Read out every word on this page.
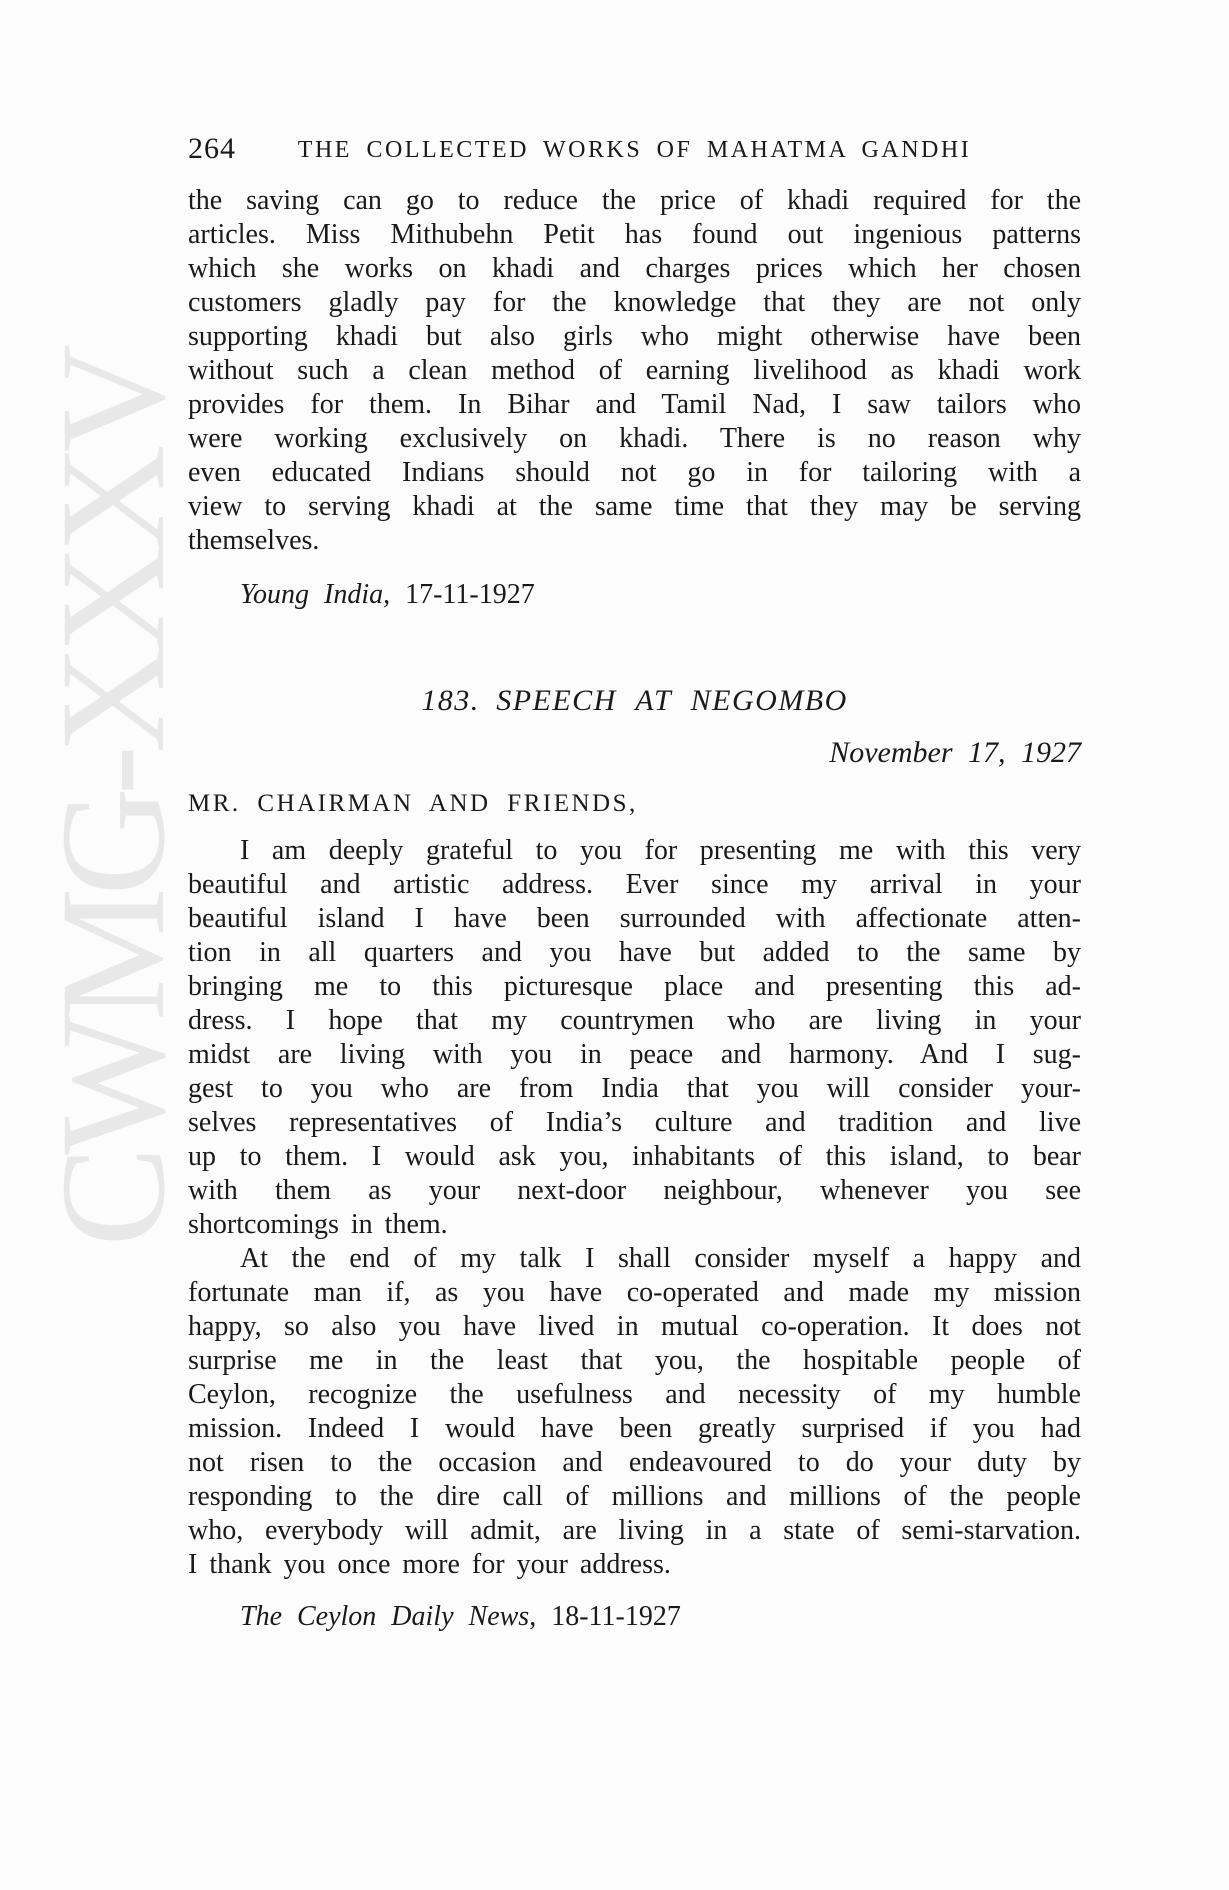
CWMG-XXXV
264	THE COLLECTED WORKS OF MAHATMA GANDHI
the saving can go to reduce the price of khadi required for the
articles. Miss Mithubehn Petit has found out ingenious patterns
which she works on khadi and charges prices which her chosen
customers gladly pay for the knowledge that they are not only
supporting khadi but also girls who might otherwise have been
without such a clean method of earning livelihood as khadi work
provides for them. In Bihar and Tamil Nad, I saw tailors who
were working exclusively on khadi. There is no reason why
even educated Indians should not go in for tailoring with a
view to serving khadi at the same time that they may be serving
themselves.
Young India, 17-11-1927
183. SPEECH AT NEGOMBO
November 17, 1927
MR. CHAIRMAN AND FRIENDS,
I am deeply grateful to you for presenting me with this very
beautiful and artistic address. Ever since my arrival in your
beautiful island I have been surrounded with affectionate atten-
tion in all quarters and you have but added to the same by
bringing me to this picturesque place and presenting this ad-
dress. I hope that my countrymen who are living in your
midst are living with you in peace and harmony. And I sug-
gest to you who are from India that you will consider your-
selves representatives of India’s culture and tradition and live
up to them. I would ask you, inhabitants of this island, to bear
with them as your next-door neighbour, whenever you see
shortcomings in them.
At the end of my talk I shall consider myself a happy and
fortunate man if, as you have co-operated and made my mission
happy, so also you have lived in mutual co-operation. It does not
surprise me in the least that you, the hospitable people of
Ceylon, recognize the usefulness and necessity of my humble
mission. Indeed I would have been greatly surprised if you had
not risen to the occasion and endeavoured to do your duty by
responding to the dire call of millions and millions of the people
who, everybody will admit, are living in a state of semi-starvation.
I thank you once more for your address.
The Ceylon Daily News, 18-11-1927
